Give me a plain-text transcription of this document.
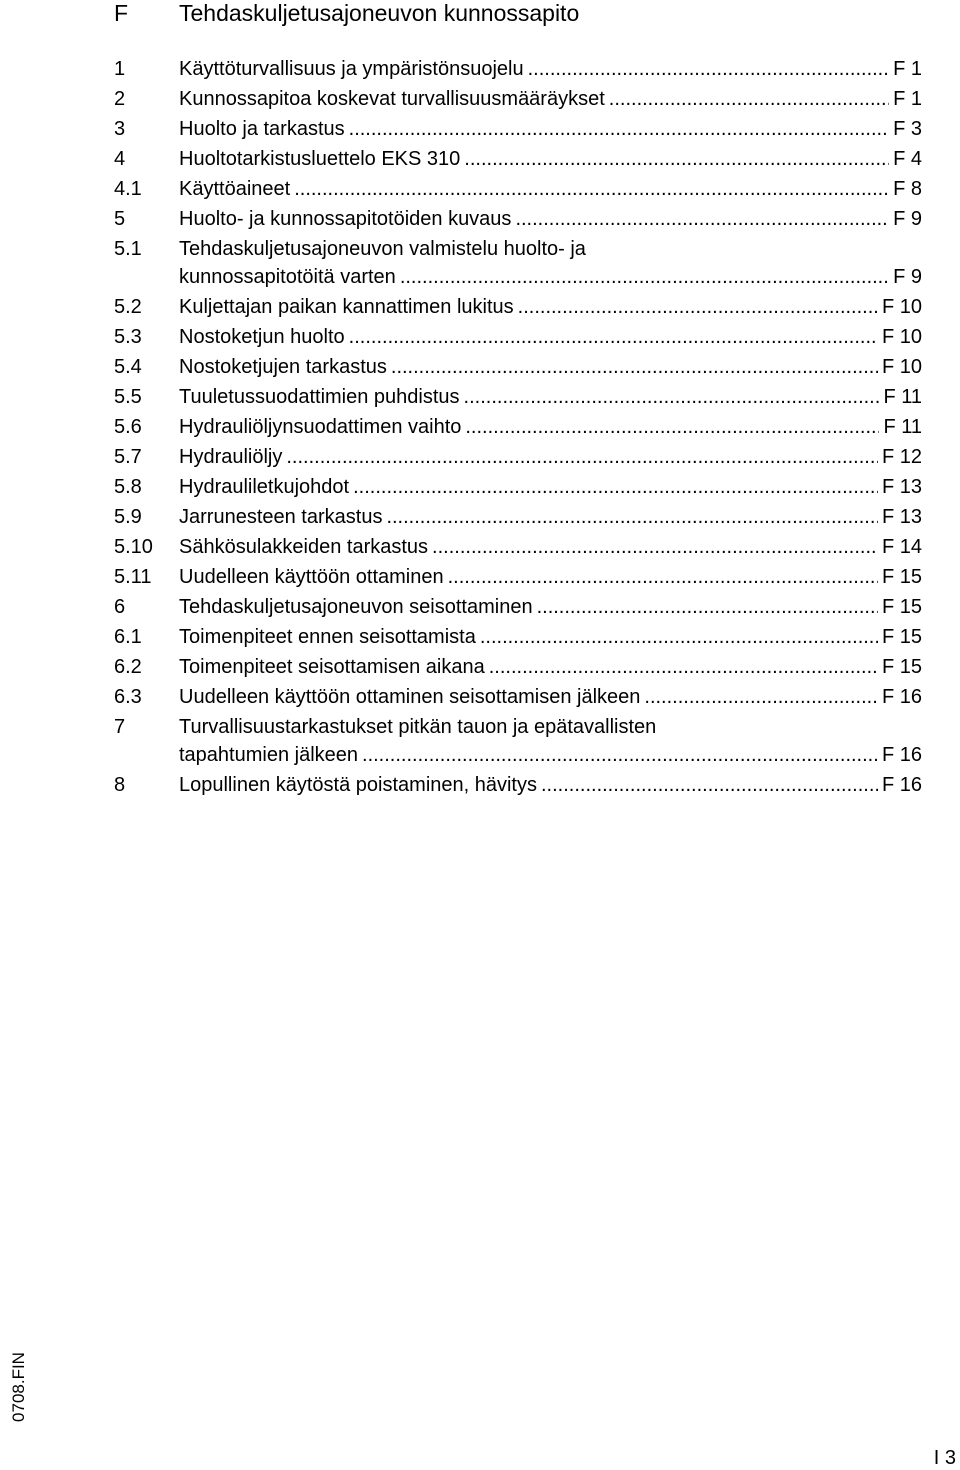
F Tehdaskuljetusajoneuvon kunnossapito
1	Käyttöturvallisuus ja ympäristönsuojelu .....	F 1
2	Kunnossapitoa koskevat turvallisuusmääräykset .....	F 1
3	Huolto ja tarkastus .....	F 3
4	Huoltotarkistusluettelo EKS 310 .....	F 4
4.1 Käyttöaineet .....	F 8
5	Huolto- ja kunnossapitotöiden kuvaus .....	F 9
5.1 Tehdaskuljetusajoneuvon valmistelu huolto- ja
kunnossapitotöitä varten .....	F 9
5.2 Kuljettajan paikan kannattimen lukitus .....	F 10
5.3 Nostoketjun huolto .....	F 10
5.4 Nostoketjujen tarkastus .....	F 10
5.5 Tuuletussuodattimien puhdistus .....	F 11
5.6 Hydrauliöljynsuodattimen vaihto .....	F 11
5.7 Hydrauliöljy .....	F 12
5.8 Hydrauliletkujohdot .....	F 13
5.9 Jarrunesteen tarkastus .....	F 13
5.10 Sähkösulakkeiden tarkastus .....	F 14
5.11 Uudelleen käyttöön ottaminen .....	F 15
6	Tehdaskuljetusajoneuvon seisottaminen .....	F 15
6.1 Toimenpiteet ennen seisottamista .....	F 15
6.2 Toimenpiteet seisottamisen aikana .....	F 15
6.3 Uudelleen käyttöön ottaminen seisottamisen jälkeen .....	F 16
7	Turvallisuustarkastukset pitkän tauon ja epätavallisten
tapahtumien jälkeen .....	F 16
8	Lopullinen käytöstä poistaminen, hävitys .....	F 16
0708.FIN
I 3
